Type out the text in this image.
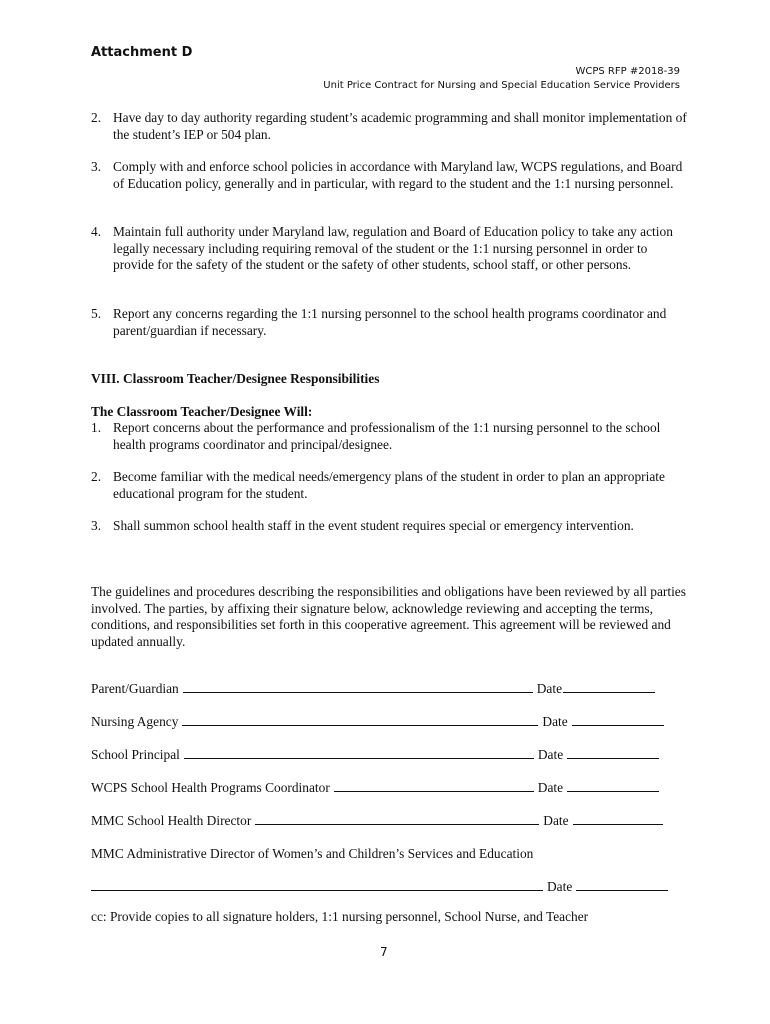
Attachment D
WCPS RFP #2018-39
Unit Price Contract for Nursing and Special Education Service Providers
2. Have day to day authority regarding student’s academic programming and shall monitor implementation of the student’s IEP or 504 plan.
3. Comply with and enforce school policies in accordance with Maryland law, WCPS regulations, and Board of Education policy, generally and in particular, with regard to the student and the 1:1 nursing personnel.
4. Maintain full authority under Maryland law, regulation and Board of Education policy to take any action legally necessary including requiring removal of the student or the 1:1 nursing personnel in order to provide for the safety of the student or the safety of other students, school staff, or other persons.
5. Report any concerns regarding the 1:1 nursing personnel to the school health programs coordinator and parent/guardian if necessary.
VIII. Classroom Teacher/Designee Responsibilities
The Classroom Teacher/Designee Will:
1. Report concerns about the performance and professionalism of the 1:1 nursing personnel to the school health programs coordinator and principal/designee.
2. Become familiar with the medical needs/emergency plans of the student in order to plan an appropriate educational program for the student.
3. Shall summon school health staff in the event student requires special or emergency intervention.
The guidelines and procedures describing the responsibilities and obligations have been reviewed by all parties involved. The parties, by affixing their signature below, acknowledge reviewing and accepting the terms, conditions, and responsibilities set forth in this cooperative agreement. This agreement will be reviewed and updated annually.
Parent/Guardian	Date
Nursing Agency	Date
School Principal	Date
WCPS School Health Programs Coordinator	Date
MMC School Health Director	Date
MMC Administrative Director of Women’s and Children’s Services and Education
Date
cc: Provide copies to all signature holders, 1:1 nursing personnel, School Nurse, and Teacher
7
